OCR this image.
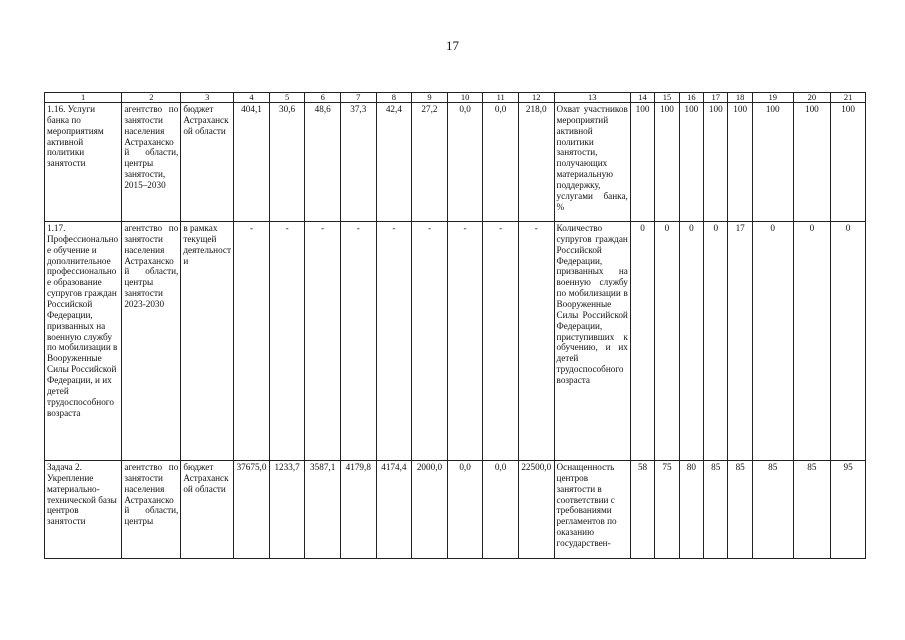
17
1	2	3	4	5	6	7	8	9	10	11	12	13	14	15	16	17	18	19	20	21
1.16. Услуги банка по мероприятиям активной политики занятости	агентство по занятости населения Астраханской области, центры занятости, 2015–2030	бюджет Астраханской области	404,1	30,6	48,6	37,3	42,4	27,2	0,0	0,0	218,0	Охват участников мероприятий активной политики занятости, получающих материальную поддержку, услугами банка, %	100	100	100	100	100	100	100	100
1.17. Профессиональное обучение и дополнительное профессиональное образование супругов граждан Российской Федерации, призванных на военную службу по мобилизации в Вооруженные Силы Российской Федерации, и их детей трудоспособного возраста	агентство по занятости населения Астраханской области, центры занятости 2023-2030	в рамках текущей деятельности	-	-	-	-	-	-	-	-	-	Количество супругов граждан Российской Федерации, призванных на военную службу по мобилизации в Вооруженные Силы Российской Федерации, приступивших к обучению, и их детей трудоспособного возраста	0	0	0	0	17	0	0	0
Задача 2. Укрепление материально-технической базы центров занятости	агентство по занятости населения Астраханской области, центры	бюджет Астраханской области	37675,0	1233,7	3587,1	4179,8	4174,4	2000,0	0,0	0,0	22500,0	Оснащенность центров занятости в соответствии с требованиями регламентов по оказанию государствен-	58	75	80	85	85	85	85	95
